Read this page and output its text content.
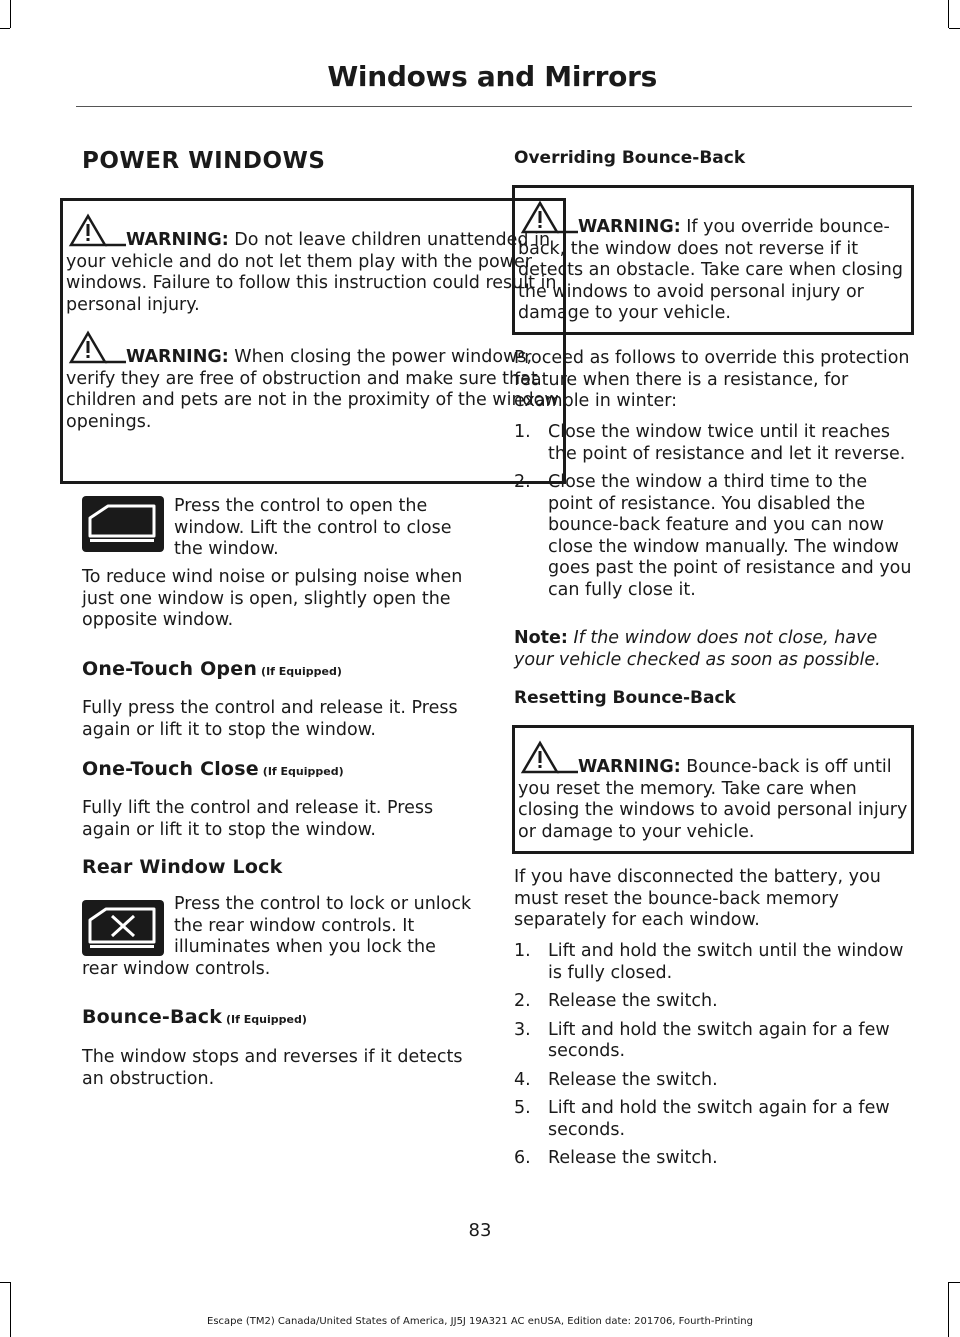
Windows and Mirrors
POWER WINDOWS
WARNING: Do not leave children unattended in your vehicle and do not let them play with the power windows. Failure to follow this instruction could result in personal injury.
WARNING: When closing the power windows, verify they are free of obstruction and make sure that children and pets are not in the proximity of the window openings.
Press the control to open the window. Lift the control to close the window.

To reduce wind noise or pulsing noise when just one window is open, slightly open the opposite window.

One-Touch Open (If Equipped)

Fully press the control and release it. Press again or lift it to stop the window.

One-Touch Close (If Equipped)

Fully lift the control and release it. Press again or lift it to stop the window.

Rear Window Lock
Press the control to lock or unlock the rear window controls. It illuminates when you lock the

rear window controls.

Bounce-Back (If Equipped)

The window stops and reverses if it detects an obstruction.

Overriding Bounce-Back
WARNING: If you override bounce-back, the window does not reverse if it detects an obstacle. Take care when closing the windows to avoid personal injury or damage to your vehicle.

Proceed as follows to override this protection feature when there is a resistance, for example in winter:

1. Close the window twice until it reaches the point of resistance and let it reverse.
2. Close the window a third time to the point of resistance. You disabled the bounce-back feature and you can now close the window manually. The window goes past the point of resistance and you can fully close it.

Note: If the window does not close, have your vehicle checked as soon as possible.

Resetting Bounce-Back
WARNING: Bounce-back is off until you reset the memory. Take care when closing the windows to avoid personal injury or damage to your vehicle.

If you have disconnected the battery, you must reset the bounce-back memory separately for each window.

1. Lift and hold the switch until the window is fully closed.
2. Release the switch.
3. Lift and hold the switch again for a few seconds.
4. Release the switch.
5. Lift and hold the switch again for a few seconds.
6. Release the switch.
83
Escape (TM2) Canada/United States of America, JJ5J 19A321 AC enUSA, Edition date: 201706, Fourth-Printing
